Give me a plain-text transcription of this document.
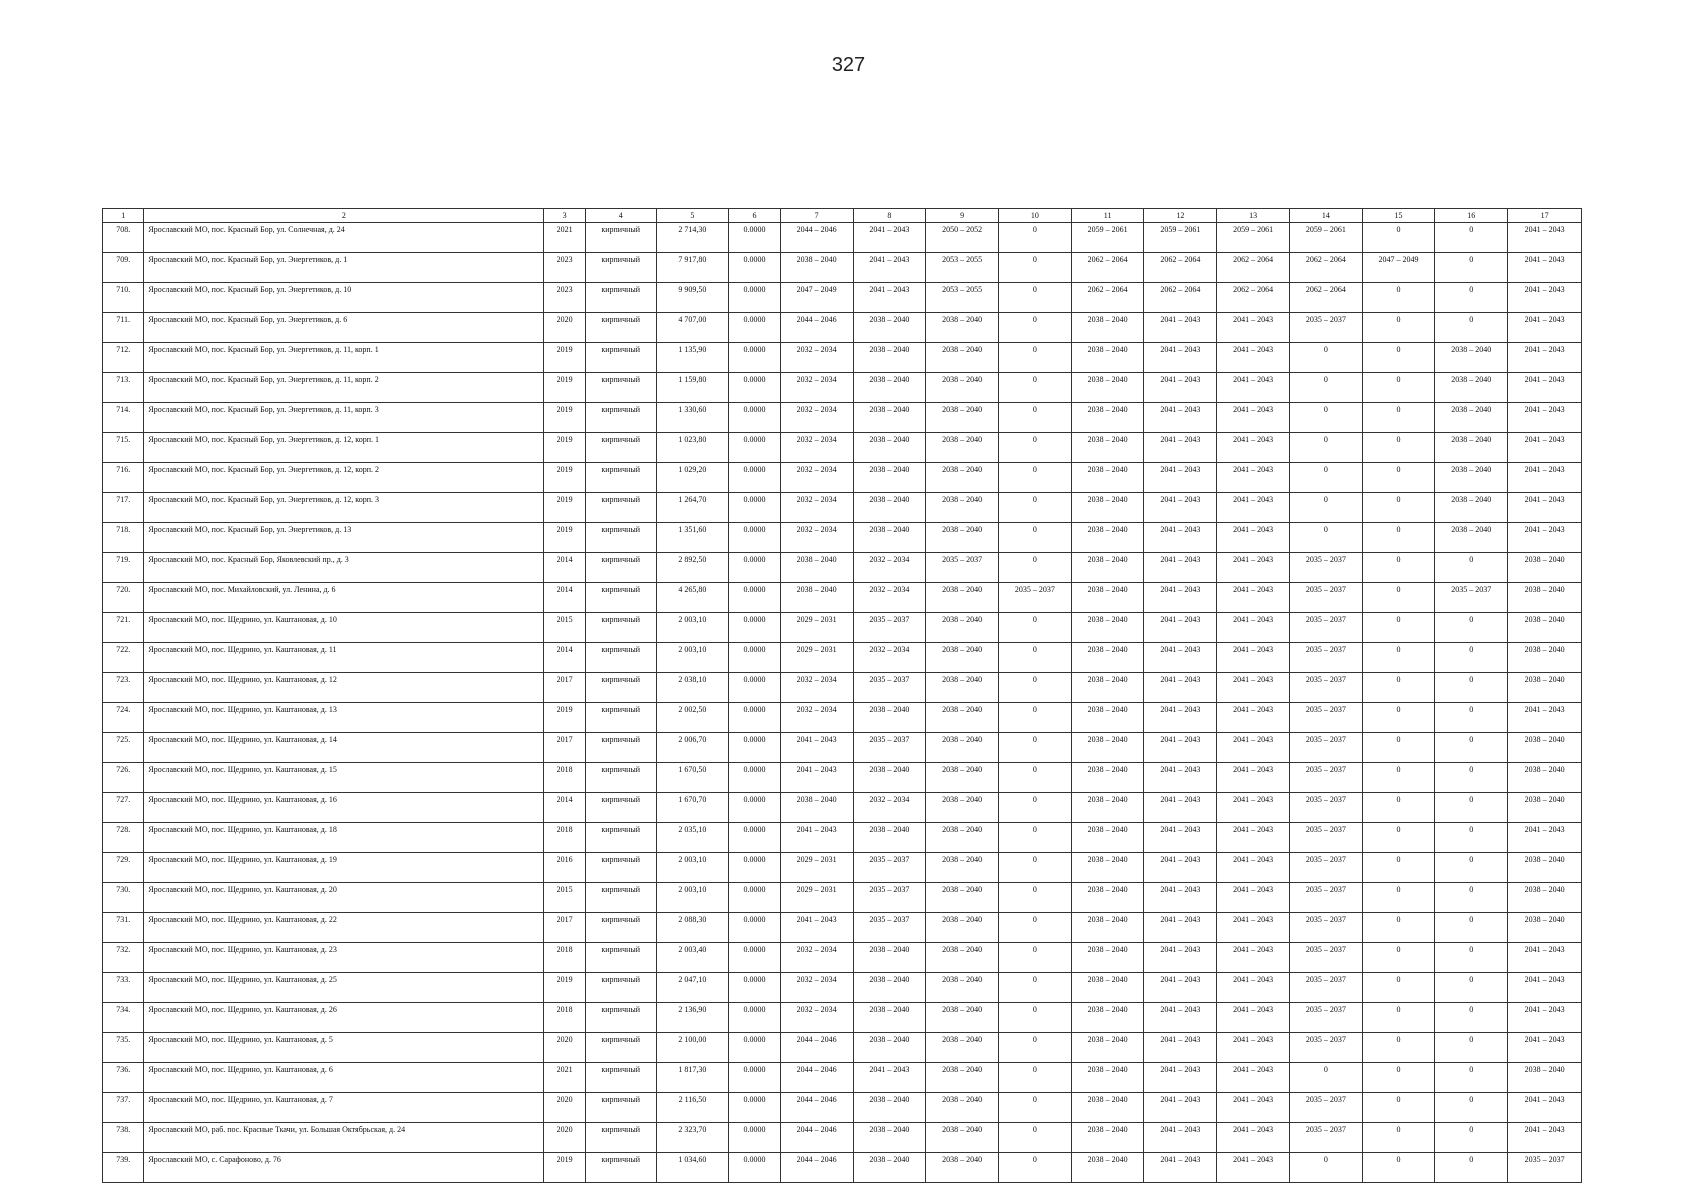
327
1	2	3	4	5	6	7	8	9	10	11	12	13	14	15	16	17
708.	Ярославский МО, пос. Красный Бор, ул. Солнечная, д. 24	2021	кирпичный	2 714,30	0.0000	2044 – 2046	2041 – 2043	2050 – 2052	0	2059 – 2061	2059 – 2061	2059 – 2061	2059 – 2061	0	0	2041 – 2043
709.	Ярославский МО, пос. Красный Бор, ул. Энергетиков, д. 1	2023	кирпичный	7 917,80	0.0000	2038 – 2040	2041 – 2043	2053 – 2055	0	2062 – 2064	2062 – 2064	2062 – 2064	2062 – 2064	2047 – 2049	0	2041 – 2043
710.	Ярославский МО, пос. Красный Бор, ул. Энергетиков, д. 10	2023	кирпичный	9 909,50	0.0000	2047 – 2049	2041 – 2043	2053 – 2055	0	2062 – 2064	2062 – 2064	2062 – 2064	2062 – 2064	0	0	2041 – 2043
711.	Ярославский МО, пос. Красный Бор, ул. Энергетиков, д. 6	2020	кирпичный	4 707,00	0.0000	2044 – 2046	2038 – 2040	2038 – 2040	0	2038 – 2040	2041 – 2043	2041 – 2043	2035 – 2037	0	0	2041 – 2043
712.	Ярославский МО, пос. Красный Бор, ул. Энергетиков, д. 11, корп. 1	2019	кирпичный	1 135,90	0.0000	2032 – 2034	2038 – 2040	2038 – 2040	0	2038 – 2040	2041 – 2043	2041 – 2043	0	0	2038 – 2040	2041 – 2043
713.	Ярославский МО, пос. Красный Бор, ул. Энергетиков, д. 11, корп. 2	2019	кирпичный	1 159,80	0.0000	2032 – 2034	2038 – 2040	2038 – 2040	0	2038 – 2040	2041 – 2043	2041 – 2043	0	0	2038 – 2040	2041 – 2043
714.	Ярославский МО, пос. Красный Бор, ул. Энергетиков, д. 11, корп. 3	2019	кирпичный	1 330,60	0.0000	2032 – 2034	2038 – 2040	2038 – 2040	0	2038 – 2040	2041 – 2043	2041 – 2043	0	0	2038 – 2040	2041 – 2043
715.	Ярославский МО, пос. Красный Бор, ул. Энергетиков, д. 12, корп. 1	2019	кирпичный	1 023,80	0.0000	2032 – 2034	2038 – 2040	2038 – 2040	0	2038 – 2040	2041 – 2043	2041 – 2043	0	0	2038 – 2040	2041 – 2043
716.	Ярославский МО, пос. Красный Бор, ул. Энергетиков, д. 12, корп. 2	2019	кирпичный	1 029,20	0.0000	2032 – 2034	2038 – 2040	2038 – 2040	0	2038 – 2040	2041 – 2043	2041 – 2043	0	0	2038 – 2040	2041 – 2043
717.	Ярославский МО, пос. Красный Бор, ул. Энергетиков, д. 12, корп. 3	2019	кирпичный	1 264,70	0.0000	2032 – 2034	2038 – 2040	2038 – 2040	0	2038 – 2040	2041 – 2043	2041 – 2043	0	0	2038 – 2040	2041 – 2043
718.	Ярославский МО, пос. Красный Бор, ул. Энергетиков, д. 13	2019	кирпичный	1 351,60	0.0000	2032 – 2034	2038 – 2040	2038 – 2040	0	2038 – 2040	2041 – 2043	2041 – 2043	0	0	2038 – 2040	2041 – 2043
719.	Ярославский МО, пос. Красный Бор, Яковлевский пр., д. 3	2014	кирпичный	2 892,50	0.0000	2038 – 2040	2032 – 2034	2035 – 2037	0	2038 – 2040	2041 – 2043	2041 – 2043	2035 – 2037	0	0	2038 – 2040
720.	Ярославский МО, пос. Михайловский, ул. Ленина, д. 6	2014	кирпичный	4 265,80	0.0000	2038 – 2040	2032 – 2034	2038 – 2040	2035 – 2037	2038 – 2040	2041 – 2043	2041 – 2043	2035 – 2037	0	2035 – 2037	2038 – 2040
721.	Ярославский МО, пос. Щедрино, ул. Каштановая, д. 10	2015	кирпичный	2 003,10	0.0000	2029 – 2031	2035 – 2037	2038 – 2040	0	2038 – 2040	2041 – 2043	2041 – 2043	2035 – 2037	0	0	2038 – 2040
722.	Ярославский МО, пос. Щедрино, ул. Каштановая, д. 11	2014	кирпичный	2 003,10	0.0000	2029 – 2031	2032 – 2034	2038 – 2040	0	2038 – 2040	2041 – 2043	2041 – 2043	2035 – 2037	0	0	2038 – 2040
723.	Ярославский МО, пос. Щедрино, ул. Каштановая, д. 12	2017	кирпичный	2 038,10	0.0000	2032 – 2034	2035 – 2037	2038 – 2040	0	2038 – 2040	2041 – 2043	2041 – 2043	2035 – 2037	0	0	2038 – 2040
724.	Ярославский МО, пос. Щедрино, ул. Каштановая, д. 13	2019	кирпичный	2 002,50	0.0000	2032 – 2034	2038 – 2040	2038 – 2040	0	2038 – 2040	2041 – 2043	2041 – 2043	2035 – 2037	0	0	2041 – 2043
725.	Ярославский МО, пос. Щедрино, ул. Каштановая, д. 14	2017	кирпичный	2 006,70	0.0000	2041 – 2043	2035 – 2037	2038 – 2040	0	2038 – 2040	2041 – 2043	2041 – 2043	2035 – 2037	0	0	2038 – 2040
726.	Ярославский МО, пос. Щедрино, ул. Каштановая, д. 15	2018	кирпичный	1 670,50	0.0000	2041 – 2043	2038 – 2040	2038 – 2040	0	2038 – 2040	2041 – 2043	2041 – 2043	2035 – 2037	0	0	2038 – 2040
727.	Ярославский МО, пос. Щедрино, ул. Каштановая, д. 16	2014	кирпичный	1 670,70	0.0000	2038 – 2040	2032 – 2034	2038 – 2040	0	2038 – 2040	2041 – 2043	2041 – 2043	2035 – 2037	0	0	2038 – 2040
728.	Ярославский МО, пос. Щедрино, ул. Каштановая, д. 18	2018	кирпичный	2 035,10	0.0000	2041 – 2043	2038 – 2040	2038 – 2040	0	2038 – 2040	2041 – 2043	2041 – 2043	2035 – 2037	0	0	2041 – 2043
729.	Ярославский МО, пос. Щедрино, ул. Каштановая, д. 19	2016	кирпичный	2 003,10	0.0000	2029 – 2031	2035 – 2037	2038 – 2040	0	2038 – 2040	2041 – 2043	2041 – 2043	2035 – 2037	0	0	2038 – 2040
730.	Ярославский МО, пос. Щедрино, ул. Каштановая, д. 20	2015	кирпичный	2 003,10	0.0000	2029 – 2031	2035 – 2037	2038 – 2040	0	2038 – 2040	2041 – 2043	2041 – 2043	2035 – 2037	0	0	2038 – 2040
731.	Ярославский МО, пос. Щедрино, ул. Каштановая, д. 22	2017	кирпичный	2 088,30	0.0000	2041 – 2043	2035 – 2037	2038 – 2040	0	2038 – 2040	2041 – 2043	2041 – 2043	2035 – 2037	0	0	2038 – 2040
732.	Ярославский МО, пос. Щедрино, ул. Каштановая, д. 23	2018	кирпичный	2 003,40	0.0000	2032 – 2034	2038 – 2040	2038 – 2040	0	2038 – 2040	2041 – 2043	2041 – 2043	2035 – 2037	0	0	2041 – 2043
733.	Ярославский МО, пос. Щедрино, ул. Каштановая, д. 25	2019	кирпичный	2 047,10	0.0000	2032 – 2034	2038 – 2040	2038 – 2040	0	2038 – 2040	2041 – 2043	2041 – 2043	2035 – 2037	0	0	2041 – 2043
734.	Ярославский МО, пос. Щедрино, ул. Каштановая, д. 26	2018	кирпичный	2 136,90	0.0000	2032 – 2034	2038 – 2040	2038 – 2040	0	2038 – 2040	2041 – 2043	2041 – 2043	2035 – 2037	0	0	2041 – 2043
735.	Ярославский МО, пос. Щедрино, ул. Каштановая, д. 5	2020	кирпичный	2 100,00	0.0000	2044 – 2046	2038 – 2040	2038 – 2040	0	2038 – 2040	2041 – 2043	2041 – 2043	2035 – 2037	0	0	2041 – 2043
736.	Ярославский МО, пос. Щедрино, ул. Каштановая, д. 6	2021	кирпичный	1 817,30	0.0000	2044 – 2046	2041 – 2043	2038 – 2040	0	2038 – 2040	2041 – 2043	2041 – 2043	0	0	0	2038 – 2040
737.	Ярославский МО, пос. Щедрино, ул. Каштановая, д. 7	2020	кирпичный	2 116,50	0.0000	2044 – 2046	2038 – 2040	2038 – 2040	0	2038 – 2040	2041 – 2043	2041 – 2043	2035 – 2037	0	0	2041 – 2043
738.	Ярославский МО, раб. пос. Красные Ткачи, ул. Большая Октябрьская, д. 24	2020	кирпичный	2 323,70	0.0000	2044 – 2046	2038 – 2040	2038 – 2040	0	2038 – 2040	2041 – 2043	2041 – 2043	2035 – 2037	0	0	2041 – 2043
739.	Ярославский МО, с. Сарафоново, д. 76	2019	кирпичный	1 034,60	0.0000	2044 – 2046	2038 – 2040	2038 – 2040	0	2038 – 2040	2041 – 2043	2041 – 2043	0	0	0	2035 – 2037
